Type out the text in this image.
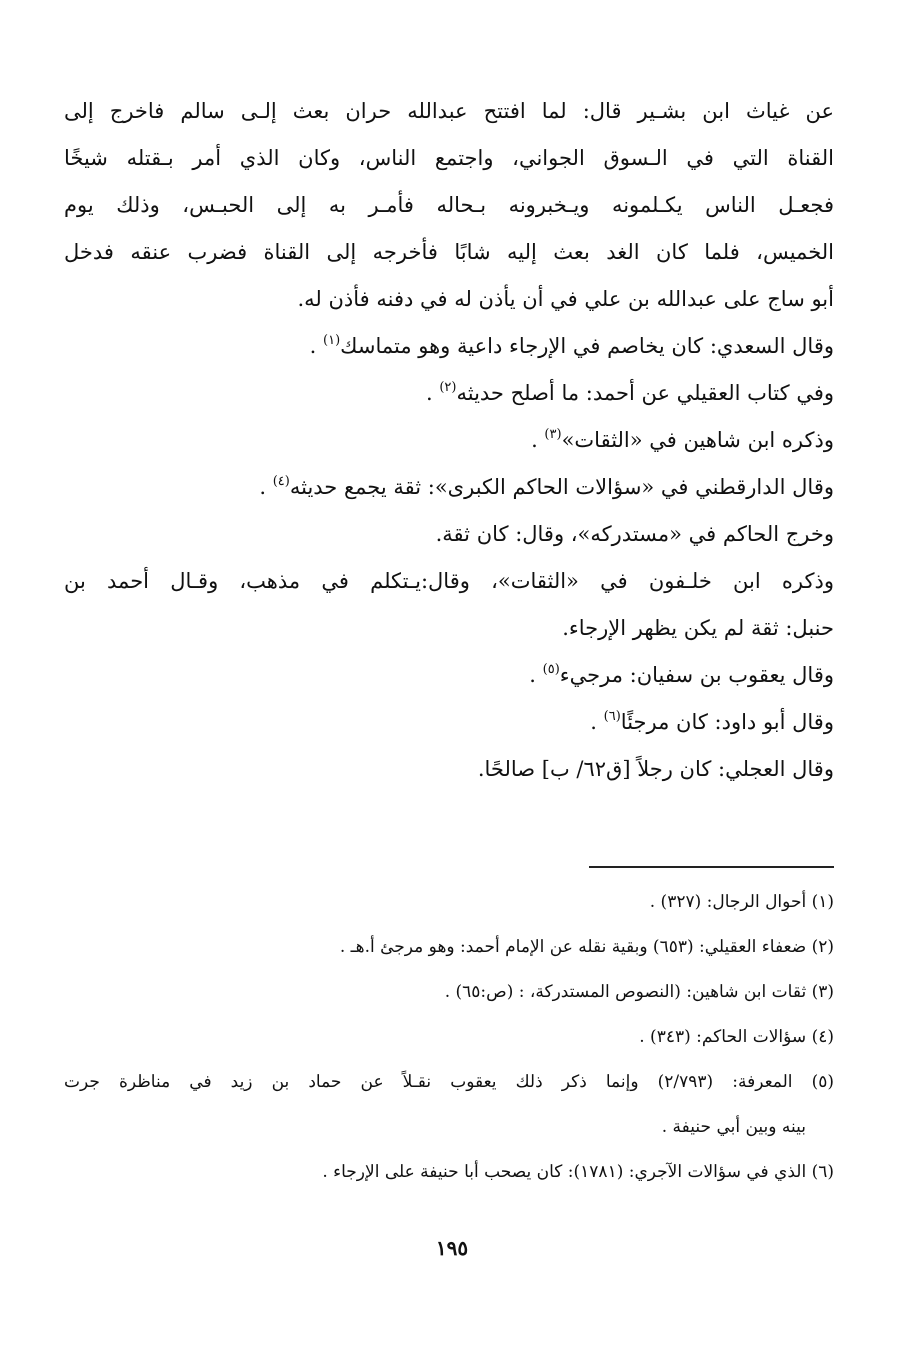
عن غياث ابن بشـير قال: لما افتتح عبدالله حران بعث إلـى سالم فاخرج إلى
القناة التي في الـسوق الجواني، واجتمع الناس، وكان الذي أمر بـقتله شيخًا
فجعـل الناس يكـلمونه ويـخبرونه بـحاله فأمـر به إلى الحبـس، وذلك يوم
الخميس، فلما كان الغد بعث إليه شابًا فأخرجه إلى القناة فضرب عنقه فدخل
أبو ساج على عبدالله بن علي في أن يأذن له في دفنه فأذن له.
وقال السعدي: كان يخاصم في الإرجاء داعية وهو متماسك$^{(١)}$ .
وفي كتاب العقيلي عن أحمد: ما أصلح حديثه$^{(٢)}$ .
وذكره ابن شاهين في «الثقات»$^{(٣)}$ .
وقال الدارقطني في «سؤالات الحاكم الكبرى»: ثقة يجمع حديثه$^{(٤)}$ .
وخرج الحاكم في «مستدركه»، وقال: كان ثقة.
وذكره ابن خلـفون في «الثقات»، وقال:يـتكلم في مذهب، وقـال أحمد بن
حنبل: ثقة لم يكن يظهر الإرجاء.
وقال يعقوب بن سفيان: مرجيء$^{(٥)}$ .
وقال أبو داود: كان مرجئًا$^{(٦)}$ .
وقال العجلي: كان رجلاً [ق٦٢/ ب] صالحًا.
(١) أحوال الرجال: (٣٢٧) .
(٢) ضعفاء العقيلي: (٦٥٣) وبقية نقله عن الإمام أحمد: وهو مرجئ أ.هـ .
(٣) ثقات ابن شاهين: (النصوص المستدركة، : (ص:٦٥) .
(٤) سؤالات الحاكم: (٣٤٣) .
(٥) المعرفة: (٢/٧٩٣) وإنما ذكر ذلك يعقوب نقـلاً عن حماد بن زيد في مناظرة جرت
بينه وبين أبي حنيفة .
(٦) الذي في سؤالات الآجري: (١٧٨١): كان يصحب أبا حنيفة على الإرجاء .
١٩٥
